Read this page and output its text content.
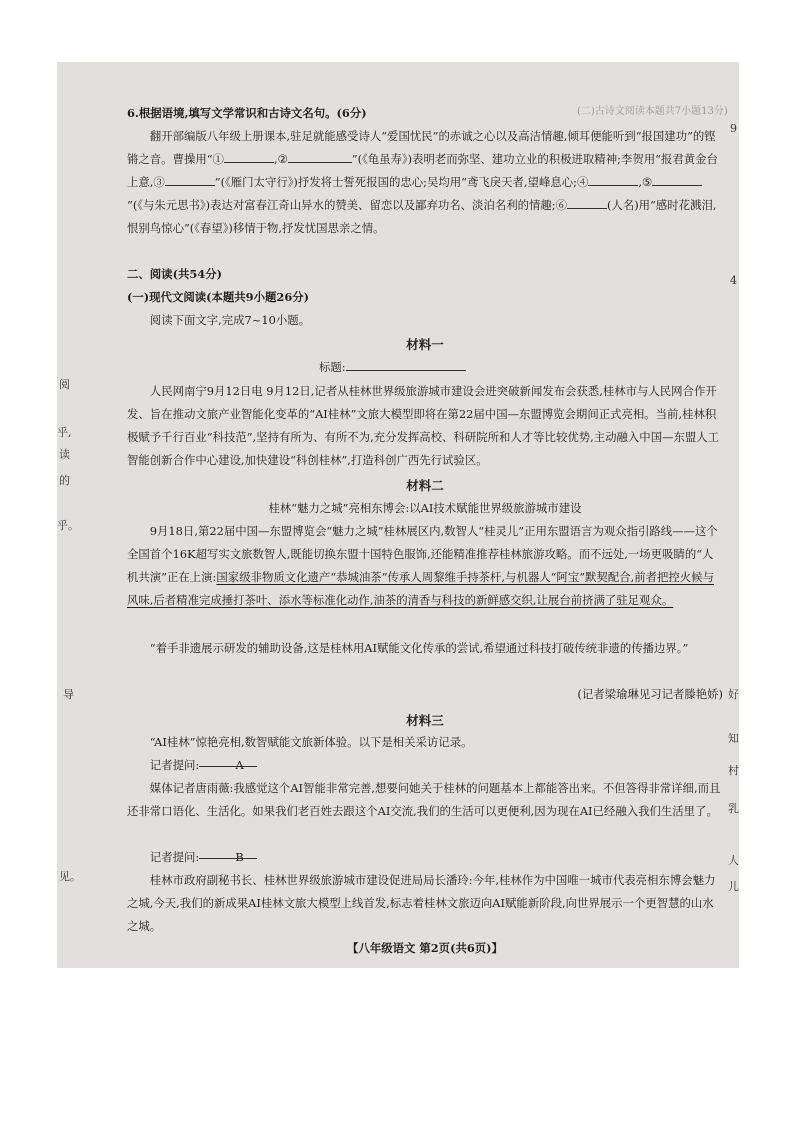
(二)古诗文阅读本题共7小题13分)
阅
乎,
读
的
乎。
导
见。
9
4
好
知
村
乳
人
儿
6.根据语境,填写文学常识和古诗文名句。(6分)
翻开部编版八年级上册课本,驻足就能感受诗人“爱国忧民”的赤诚之心以及高洁情趣,倾耳便能听到“报国建功”的铿锵之音。曹操用“①	,②	”(《龟虽寿》)表明老而弥坚、建功立业的积极进取精神;李贺用“报君黄金台上意,③	”(《雁门太守行》)抒发将士誓死报国的忠心;吴均用“鸢飞戾天者,望峰息心;④	,⑤”(《与朱元思书》)表达对富春江奇山异水的赞美、留恋以及鄙弃功名、淡泊名利的情趣;⑥	(人名)用“感时花溅泪,恨别鸟惊心”(《春望》)移情于物,抒发忧国思亲之情。
二、阅读(共54分)
(一)现代文阅读(本题共9小题26分)
阅读下面文字,完成7~10小题。
材料一
标题:
人民网南宁9月12日电 9月12日,记者从桂林世界级旅游城市建设会进突破新闻发布会获悉,桂林市与人民网合作开发、旨在推动文旅产业智能化变革的“AI桂林”文旅大模型即将在第22届中国—东盟博览会期间正式亮相。当前,桂林积极赋予千行百业“科技范”,坚持有所为、有所不为,充分发挥高校、科研院所和人才等比较优势,主动融入中国—东盟人工智能创新合作中心建设,加快建设“科创桂林”,打造科创广西先行试验区。
材料二
桂林“魅力之城”亮相东博会:以AI技术赋能世界级旅游城市建设
9月18日,第22届中国—东盟博览会“魅力之城”桂林展区内,数智人“桂灵儿”正用东盟语言为观众指引路线——这个全国首个16K超写实文旅数智人,既能切换东盟十国特色服饰,还能精准推荐桂林旅游攻略。而不远处,一场更吸睛的“人机共演”正在上演:国家级非物质文化遗产“恭城油茶”传承人周黎维手持茶杆,与机器人“阿宝”默契配合,前者把控火候与风味,后者精准完成捶打茶叶、添水等标准化动作,油茶的清香与科技的新鲜感交织,让展台前挤满了驻足观众。
“着手非遗展示研发的辅助设备,这是桂林用AI赋能文化传承的尝试,希望通过科技打破传统非遗的传播边界。”
(记者梁瑜琳见习记者滕艳娇)
材料三
“AI桂林”惊艳亮相,数智赋能文旅新体验。以下是相关采访记录。
记者提问:	A
媒体记者唐雨薇:我感觉这个AI智能非常完善,想要问她关于桂林的问题基本上都能答出来。不但答得非常详细,而且还非常口语化、生活化。如果我们老百姓去跟这个AI交流,我们的生活可以更便利,因为现在AI已经融入我们生活里了。
记者提问:	B
桂林市政府副秘书长、桂林世界级旅游城市建设促进局局长潘玲:今年,桂林作为中国唯一城市代表亮相东博会魅力之城,今天,我们的新成果AI桂林文旅大模型上线首发,标志着桂林文旅迈向AI赋能新阶段,向世界展示一个更智慧的山水之城。
【八年级语文 第2页(共6页)】
